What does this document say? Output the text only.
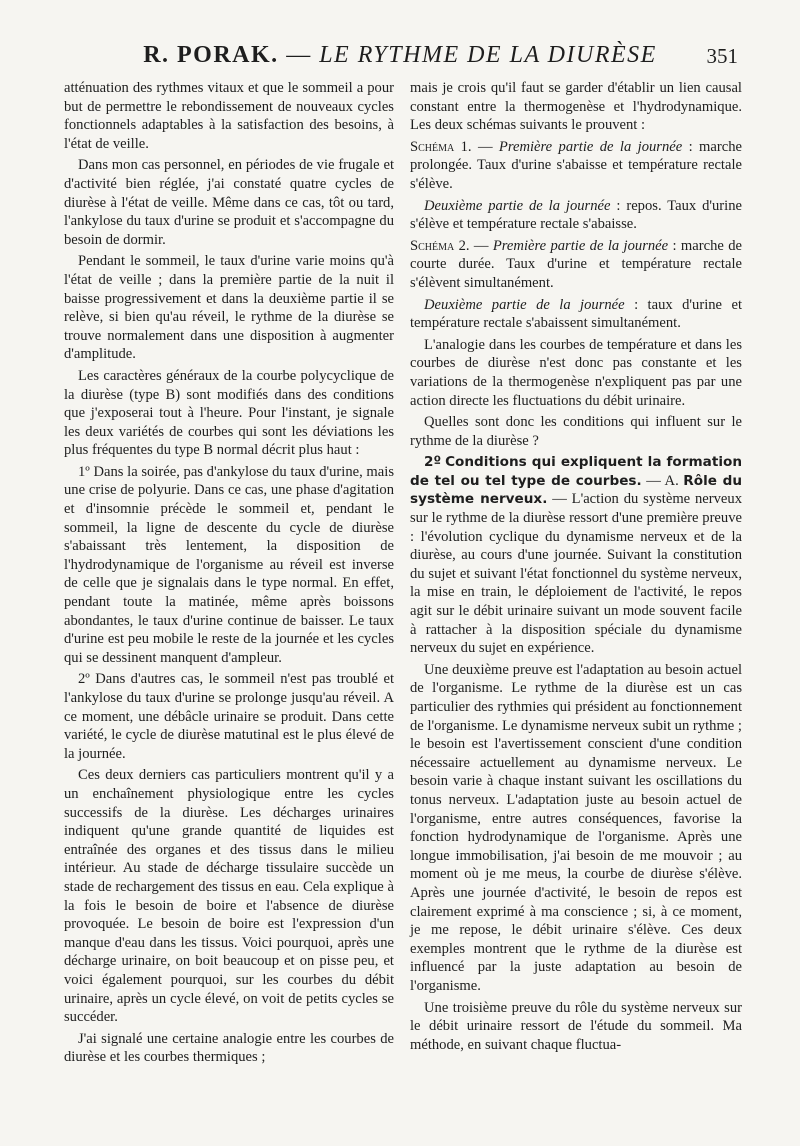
R. PORAK. — LE RYTHME DE LA DIURÈSE	351

atténuation des rythmes vitaux et que le sommeil a pour but de permettre le rebondissement de nouveaux cycles fonctionnels adaptables à la satisfaction des besoins, à l'état de veille.

Dans mon cas personnel, en périodes de vie frugale et d'activité bien réglée, j'ai constaté quatre cycles de diurèse à l'état de veille. Même dans ce cas, tôt ou tard, l'ankylose du taux d'urine se produit et s'accompagne du besoin de dormir.

Pendant le sommeil, le taux d'urine varie moins qu'à l'état de veille ; dans la première partie de la nuit il baisse progressivement et dans la deuxième partie il se relève, si bien qu'au réveil, le rythme de la diurèse se trouve normalement dans une disposition à augmenter d'amplitude.

Les caractères généraux de la courbe polycyclique de la diurèse (type B) sont modifiés dans des conditions que j'exposerai tout à l'heure. Pour l'instant, je signale les deux variétés de courbes qui sont les déviations les plus fréquentes du type B normal décrit plus haut :

1º Dans la soirée, pas d'ankylose du taux d'urine, mais une crise de polyurie. Dans ce cas, une phase d'agitation et d'insomnie précède le sommeil et, pendant le sommeil, la ligne de descente du cycle de diurèse s'abaissant très lentement, la disposition de l'hydrodynamique de l'organisme au réveil est inverse de celle que je signalais dans le type normal. En effet, pendant toute la matinée, même après boissons abondantes, le taux d'urine continue de baisser. Le taux d'urine est peu mobile le reste de la journée et les cycles qui se dessinent manquent d'ampleur.

2º Dans d'autres cas, le sommeil n'est pas troublé et l'ankylose du taux d'urine se prolonge jusqu'au réveil. A ce moment, une débâcle urinaire se produit. Dans cette variété, le cycle de diurèse matutinal est le plus élevé de la journée.

Ces deux derniers cas particuliers montrent qu'il y a un enchaînement physiologique entre les cycles successifs de la diurèse. Les décharges urinaires indiquent qu'une grande quantité de liquides est entraînée des organes et des tissus dans le milieu intérieur. Au stade de décharge tissulaire succède un stade de rechargement des tissus en eau. Cela explique à la fois le besoin de boire et l'absence de diurèse provoquée. Le besoin de boire est l'expression d'un manque d'eau dans les tissus. Voici pourquoi, après une décharge urinaire, on boit beaucoup et on pisse peu, et voici également pourquoi, sur les courbes du débit urinaire, après un cycle élevé, on voit de petits cycles se succéder.

J'ai signalé une certaine analogie entre les courbes de diurèse et les courbes thermiques ;

mais je crois qu'il faut se garder d'établir un lien causal constant entre la thermogenèse et l'hydrodynamique. Les deux schémas suivants le prouvent :

Schéma 1. — Première partie de la journée : marche prolongée. Taux d'urine s'abaisse et température rectale s'élève.

Deuxième partie de la journée : repos. Taux d'urine s'élève et température rectale s'abaisse.

Schéma 2. — Première partie de la journée : marche de courte durée. Taux d'urine et température rectale s'élèvent simultanément.

Deuxième partie de la journée : taux d'urine et température rectale s'abaissent simultanément.

L'analogie dans les courbes de température et dans les courbes de diurèse n'est donc pas constante et les variations de la thermogenèse n'expliquent pas par une action directe les fluctuations du débit urinaire.

Quelles sont donc les conditions qui influent sur le rythme de la diurèse ?

2º Conditions qui expliquent la formation de tel ou tel type de courbes. — A. Rôle du système nerveux. — L'action du système nerveux sur le rythme de la diurèse ressort d'une première preuve : l'évolution cyclique du dynamisme nerveux et de la diurèse, au cours d'une journée. Suivant la constitution du sujet et suivant l'état fonctionnel du système nerveux, la mise en train, le déploiement de l'activité, le repos agit sur le débit urinaire suivant un mode souvent facile à rattacher à la disposition spéciale du dynamisme nerveux du sujet en expérience.

Une deuxième preuve est l'adaptation au besoin actuel de l'organisme. Le rythme de la diurèse est un cas particulier des rythmies qui président au fonctionnement de l'organisme. Le dynamisme nerveux subit un rythme ; le besoin est l'avertissement conscient d'une condition nécessaire actuellement au dynamisme nerveux. Le besoin varie à chaque instant suivant les oscillations du tonus nerveux. L'adaptation juste au besoin actuel de l'organisme, entre autres conséquences, favorise la fonction hydrodynamique de l'organisme. Après une longue immobilisation, j'ai besoin de me mouvoir ; au moment où je me meus, la courbe de diurèse s'élève. Après une journée d'activité, le besoin de repos est clairement exprimé à ma conscience ; si, à ce moment, je me repose, le débit urinaire s'élève. Ces deux exemples montrent que le rythme de la diurèse est influencé par la juste adaptation au besoin de l'organisme.

Une troisième preuve du rôle du système nerveux sur le débit urinaire ressort de l'étude du sommeil. Ma méthode, en suivant chaque fluctua-
